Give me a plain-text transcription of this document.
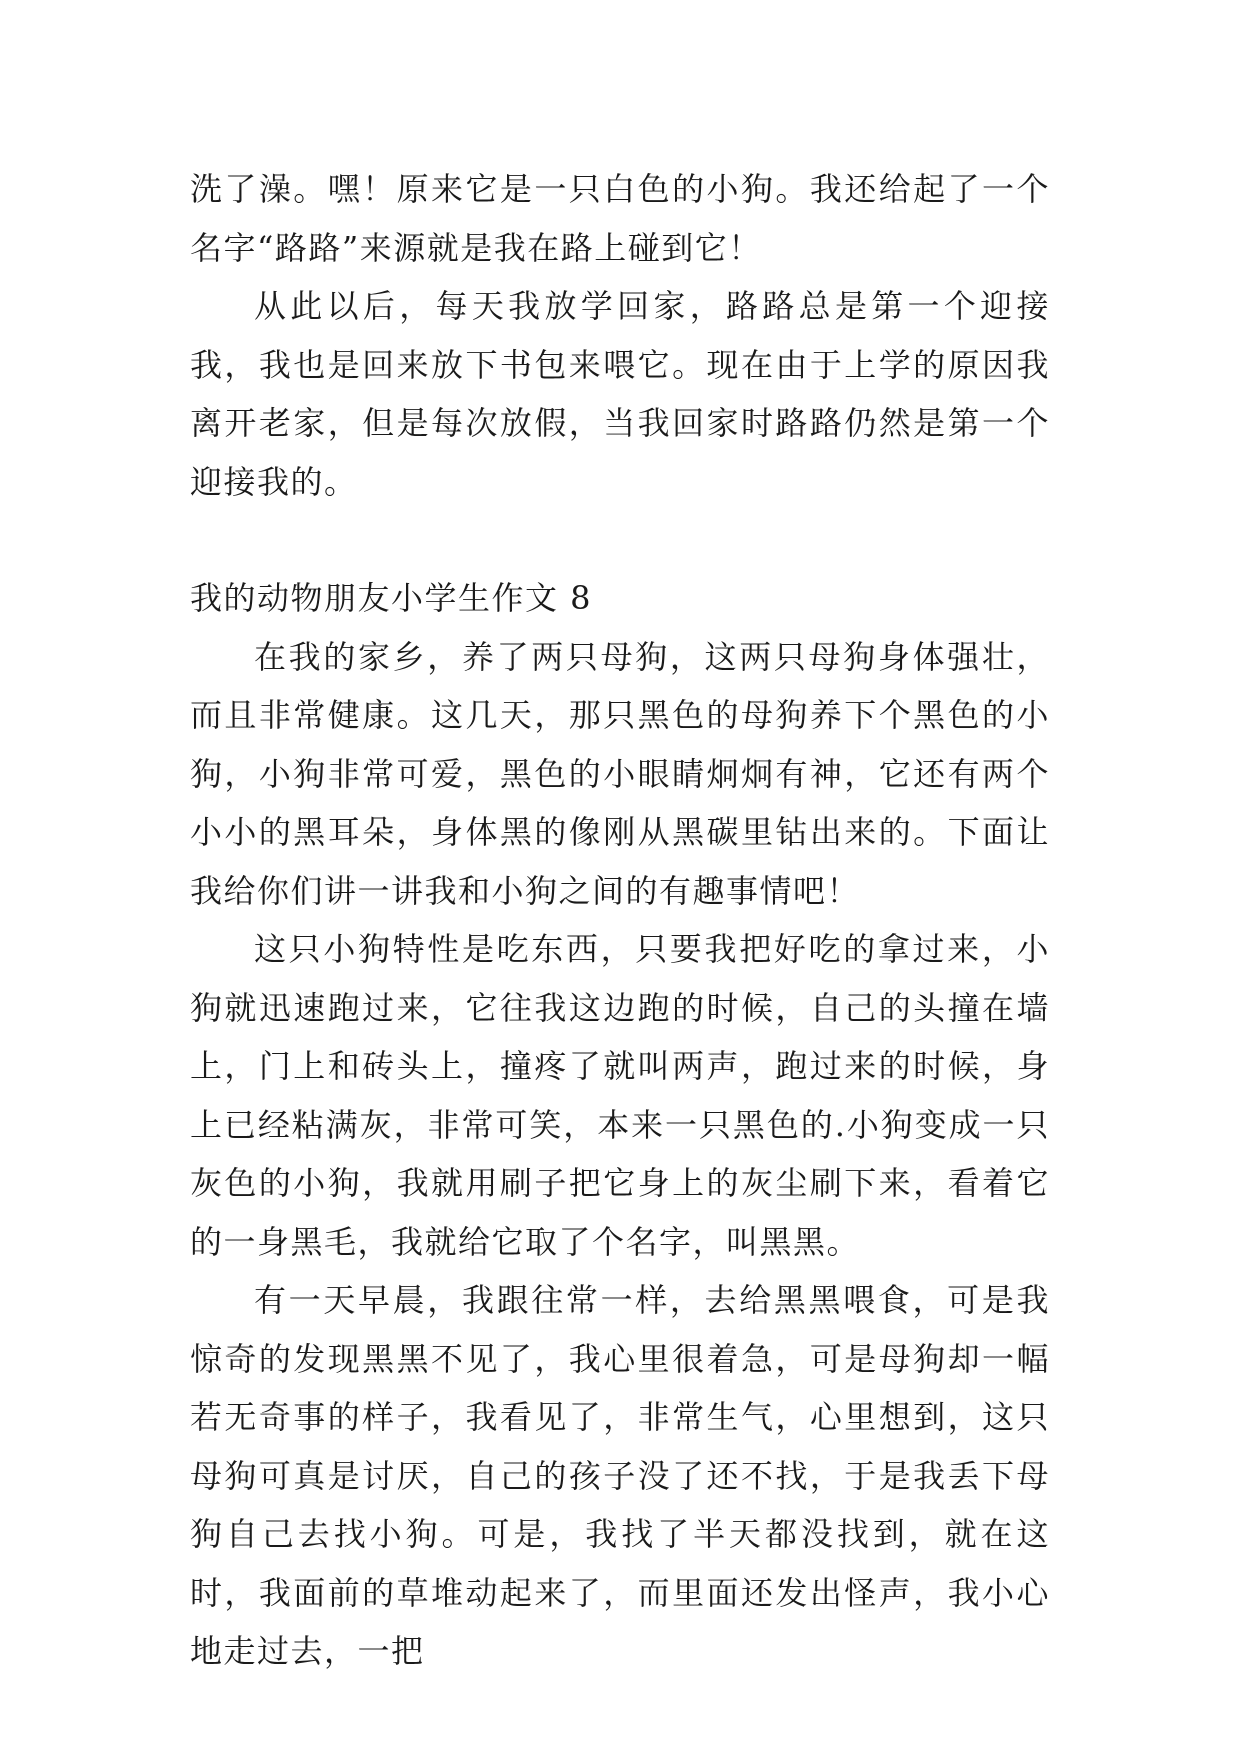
洗了澡。嘿！原来它是一只白色的小狗。我还给起了一个名字“路路”来源就是我在路上碰到它！

从此以后，每天我放学回家，路路总是第一个迎接我，我也是回来放下书包来喂它。现在由于上学的原因我离开老家，但是每次放假，当我回家时路路仍然是第一个迎接我的。

我的动物朋友小学生作文 8

在我的家乡，养了两只母狗，这两只母狗身体强壮，而且非常健康。这几天，那只黑色的母狗养下个黑色的小狗，小狗非常可爱，黑色的小眼睛炯炯有神，它还有两个小小的黑耳朵，身体黑的像刚从黑碳里钻出来的。下面让我给你们讲一讲我和小狗之间的有趣事情吧！

这只小狗特性是吃东西，只要我把好吃的拿过来，小狗就迅速跑过来，它往我这边跑的时候，自己的头撞在墙上，门上和砖头上，撞疼了就叫两声，跑过来的时候，身上已经粘满灰，非常可笑，本来一只黑色的.小狗变成一只灰色的小狗，我就用刷子把它身上的灰尘刷下来，看着它的一身黑毛，我就给它取了个名字，叫黑黑。

有一天早晨，我跟往常一样，去给黑黑喂食，可是我惊奇的发现黑黑不见了，我心里很着急，可是母狗却一幅若无奇事的样子，我看见了，非常生气，心里想到，这只母狗可真是讨厌，自己的孩子没了还不找，于是我丢下母狗自己去找小狗。可是，我找了半天都没找到，就在这时，我面前的草堆动起来了，而里面还发出怪声，我小心地走过去，一把
